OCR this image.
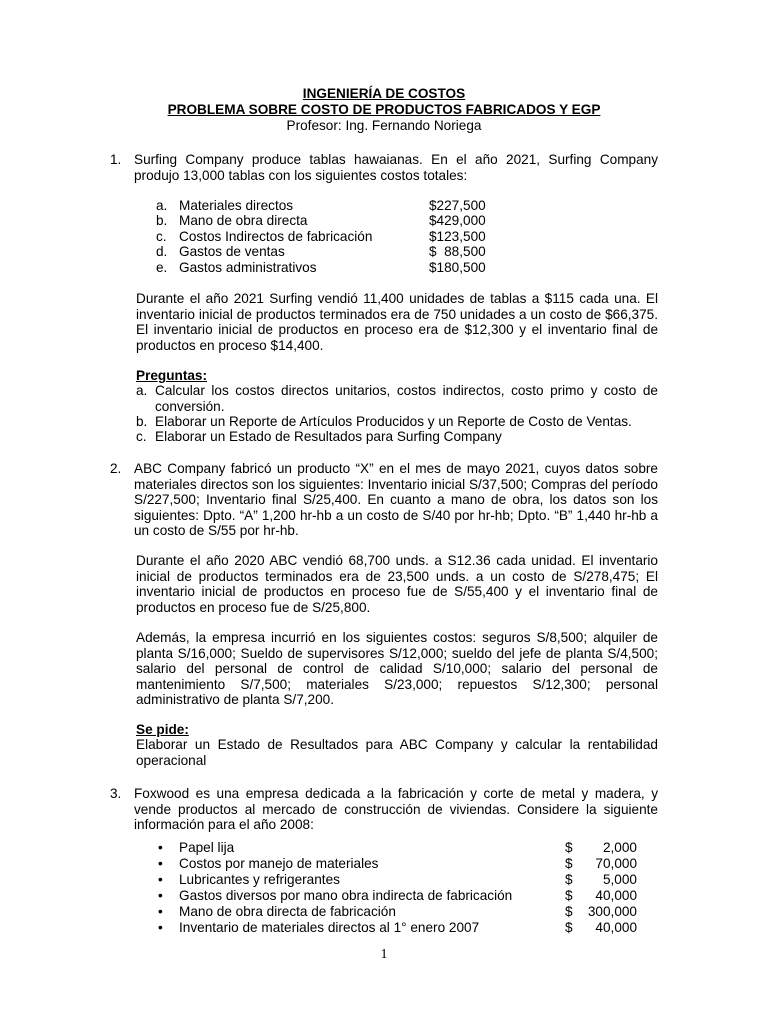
INGENIERÍA DE COSTOS
PROBLEMA SOBRE COSTO DE PRODUCTOS FABRICADOS Y EGP
Profesor: Ing. Fernando Noriega
1. Surfing Company produce tablas hawaianas. En el año 2021, Surfing Company produjo 13,000 tablas con los siguientes costos totales:
a. Materiales directos	$227,500
b. Mano de obra directa	$429,000
c. Costos Indirectos de fabricación	$123,500
d. Gastos de ventas	$  88,500
e. Gastos administrativos	$180,500
Durante el año 2021 Surfing vendió 11,400 unidades de tablas a $115 cada una. El inventario inicial de productos terminados era de 750 unidades a un costo de $66,375. El inventario inicial de productos en proceso era de $12,300 y el inventario final de productos en proceso $14,400.
Preguntas:
a. Calcular los costos directos unitarios, costos indirectos, costo primo y costo de conversión.
b. Elaborar un Reporte de Artículos Producidos y un Reporte de Costo de Ventas.
c. Elaborar un Estado de Resultados para Surfing Company
2. ABC Company fabricó un producto “X” en el mes de mayo 2021, cuyos datos sobre materiales directos son los siguientes: Inventario inicial S/37,500; Compras del período S/227,500; Inventario final S/25,400. En cuanto a mano de obra, los datos son los siguientes: Dpto. “A” 1,200 hr-hb a un costo de S/40 por hr-hb; Dpto. “B” 1,440 hr-hb a un costo de S/55 por hr-hb.
Durante el año 2020 ABC vendió 68,700 unds. a S12.36 cada unidad. El inventario inicial de productos terminados era de 23,500 unds. a un costo de S/278,475; El inventario inicial de productos en proceso fue de S/55,400 y el inventario final de productos en proceso fue de S/25,800.
Además, la empresa incurrió en los siguientes costos: seguros S/8,500; alquiler de planta S/16,000; Sueldo de supervisores S/12,000; sueldo del jefe de planta S/4,500; salario del personal de control de calidad S/10,000; salario del personal de mantenimiento S/7,500; materiales S/23,000; repuestos S/12,300; personal administrativo de planta S/7,200.
Se pide:
Elaborar un Estado de Resultados para ABC Company y calcular la rentabilidad operacional
3. Foxwood es una empresa dedicada a la fabricación y corte de metal y madera, y vende productos al mercado de construcción de viviendas. Considere la siguiente información para el año 2008:
• Papel lija	$	2,000
• Costos por manejo de materiales	$	70,000
• Lubricantes y refrigerantes	$	5,000
• Gastos diversos por mano obra indirecta de fabricación	$	40,000
• Mano de obra directa de fabricación	$	300,000
• Inventario de materiales directos al 1° enero 2007	$	40,000
1
